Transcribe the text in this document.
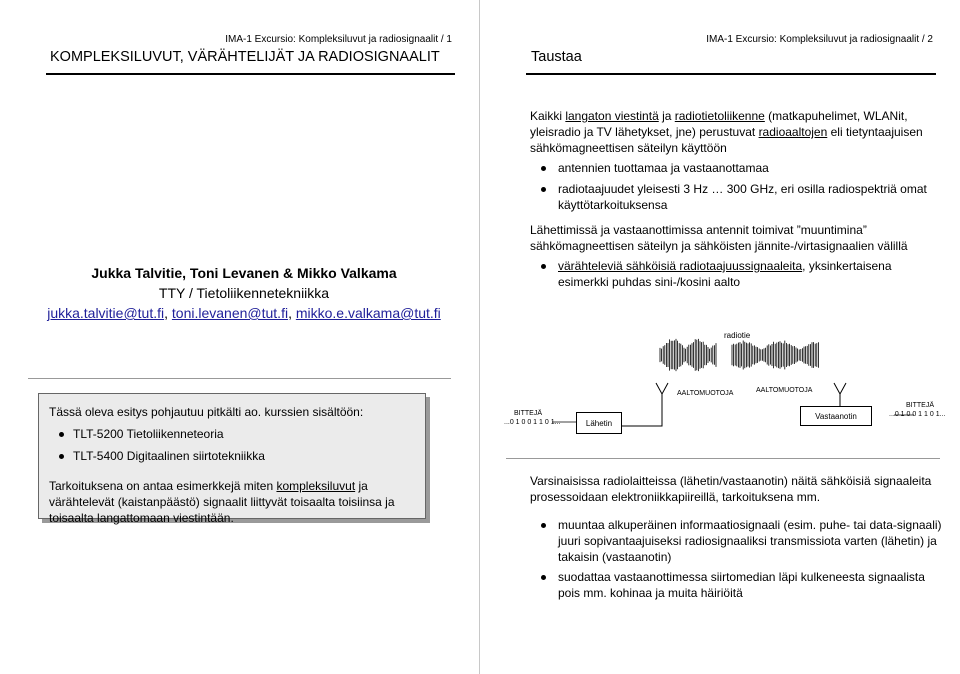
IMA-1 Excursio: Kompleksiluvut ja radiosignaalit / 1
KOMPLEKSILUVUT, VÄRÄHTELIJÄT JA RADIOSIGNAALIT
Jukka Talvitie, Toni Levanen & Mikko Valkama
TTY / Tietoliikennetekniikka
jukka.talvitie@tut.fi, toni.levanen@tut.fi, mikko.e.valkama@tut.fi

Tässä oleva esitys pohjautuu pitkälti ao. kurssien sisältöön:

TLT-5200 Tietoliikenneteoria
TLT-5400 Digitaalinen siirtotekniikka

Tarkoituksena on antaa esimerkkejä miten kompleksiluvut ja värähtelevät (kaistanpäästö) signaalit liittyvät toisaalta toisiinsa ja toisaalta langattomaan viestintään.

IMA-1 Excursio: Kompleksiluvut ja radiosignaalit / 2
Taustaa

Kaikki langaton viestintä ja radiotietoliikenne (matkapuhelimet, WLANit, yleisradio ja TV lähetykset, jne) perustuvat radioaaltojen eli tietyntaajuisen sähkömagneettisen säteilyn käyttöön

antennien tuottamaa ja vastaanottamaa
radiotaajuudet yleisesti 3 Hz … 300 GHz, eri osilla radiospektriä omat käyttötarkoituksensa

Lähettimissä ja vastaanottimissa antennit toimivat ”muuntimina” sähkömagneettisen säteilyn ja sähköisten jännite-/virtasignaalien välillä

värähteleviä sähköisiä radiotaajuussignaaleita, yksinkertaisena esimerkki puhdas sini-/kosini aalto
radiotie
BITTEJÄ
...0 1 0 0 1 1 0 1...	Lähetin
AALTOMUOTOJA	AALTOMUOTOJA
Vastaanotin
BITTEJÄ
...0 1 0 0 1 1 0 1...

Varsinaisissa radiolaitteissa (lähetin/vastaanotin) näitä sähköisiä signaaleita prosessoidaan elektroniikkapiireillä, tarkoituksena mm.

muuntaa alkuperäinen informaatiosignaali (esim. puhe- tai data-signaali) juuri sopivantaajuiseksi radiosignaaliksi transmissiota varten (lähetin) ja takaisin (vastaanotin)
suodattaa vastaanottimessa siirtomedian läpi kulkeneesta signaalista pois mm. kohinaa ja muita häiriöitä
